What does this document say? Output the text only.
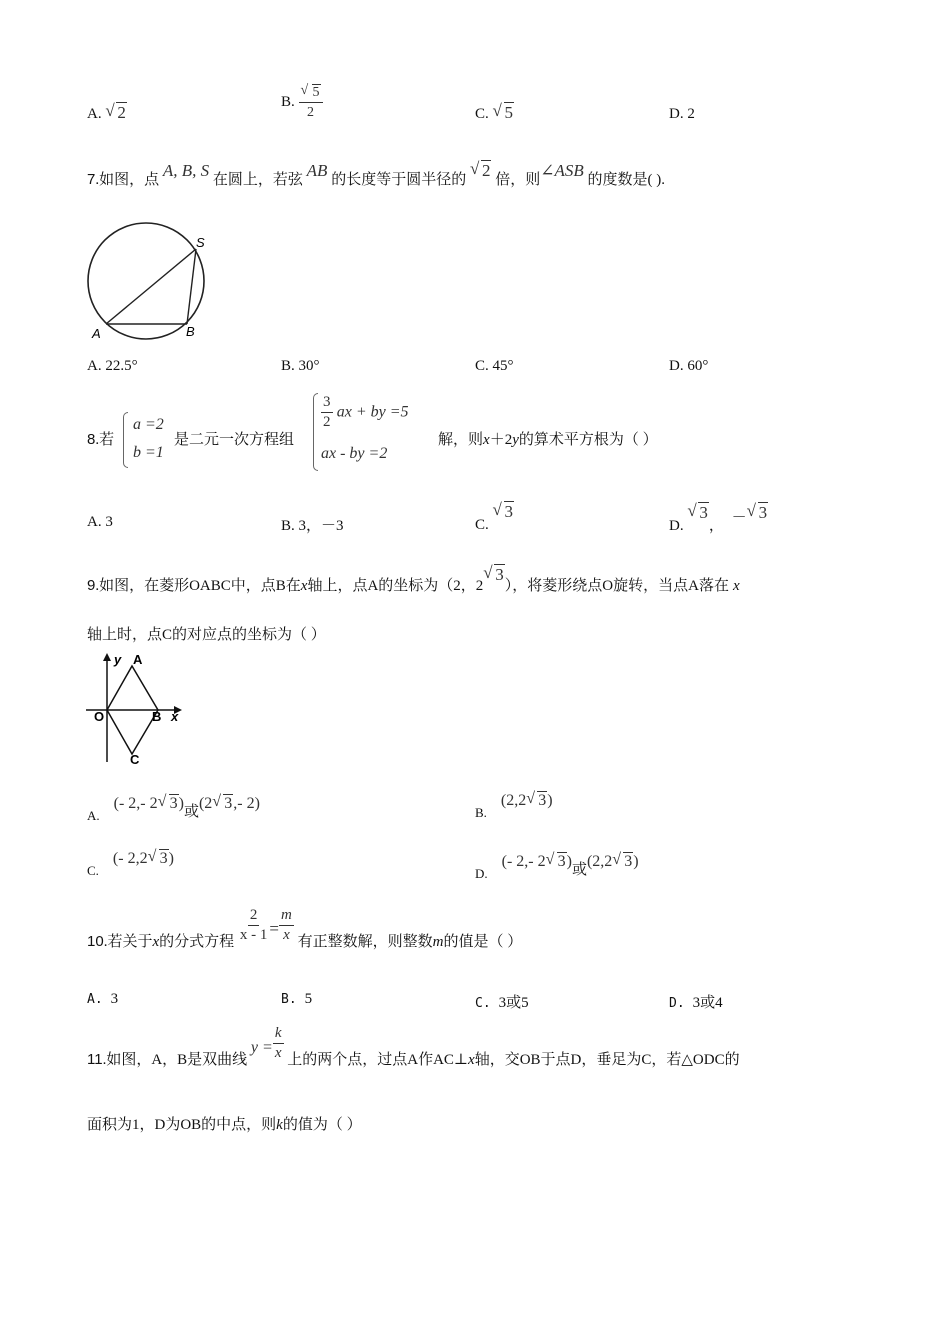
A. √ 2
B. √ $\frac{5}{2}$	C. √ 5	D. 2
7.如图，点 A, B, S 在圆上，若弦 AB 的长度等于圆半径的 √ 2 倍，则∠ASB 的度数是( ).
A	B
S
A. 22.5°	B. 30°	C. 45°	D. 60°
8.若
a =2
b =1
是二元一次方程组
$\frac{3}{2}$ ax + by =5
ax - by =2
解，则x＋2y的算术平方根为（ ）
A. 3	B. 3，－3	C. √ 3
D. √ 3， － √ 3
9.如图，在菱形OABC中，点B在x轴上，点A的坐标为（2，2√ 3），将菱形绕点O旋转，当点A落在 x
轴上时，点C的对应点的坐标为（ ）
y A
O	B x
C
A.(- 2,- 2 √ 3)或(2 √ 3,- 2)
B.(2,2 √ 3)
C.(- 2,2 √ 3)
D.(- 2,- 2 √ 3)或(2,2 √ 3)
10.若关于x的分式方程 $\frac{2}{x - 1} = \frac{m}{x}$ 有正整数解，则整数m的值是（ ）
A. 3	B. 5	C. 3或5	D. 3或4
11.如图，A，B是双曲线 $y = \frac{k}{x}$ 上的两个点，过点A作AC⊥x轴，交OB于点D，垂足为C，若△ODC的
面积为1，D为OB的中点，则k的值为（ ）
